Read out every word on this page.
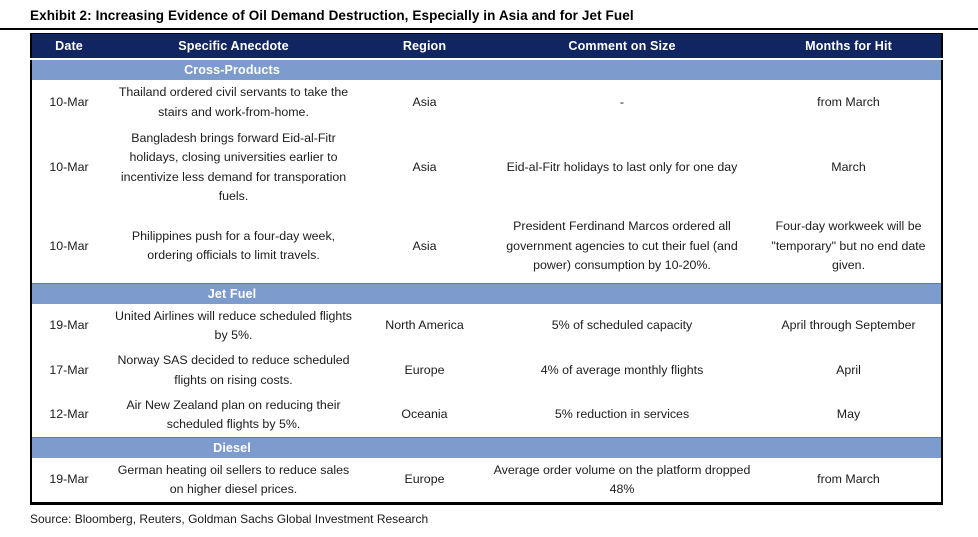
Exhibit 2: Increasing Evidence of Oil Demand Destruction, Especially in Asia and for Jet Fuel
Date	Specific Anecdote	Region	Comment on Size	Months for Hit

Cross-Products				

10-Mar	Thailand ordered civil servants to take the stairs and work-from-home.	Asia	-	from March
10-Mar	Bangladesh brings forward Eid-al-Fitr holidays, closing universities earlier to incentivize less demand for transporation fuels.	Asia	Eid-al-Fitr holidays to last only for one day	March
10-Mar	Philippines push for a four-day week, ordering officials to limit travels.	Asia	President Ferdinand Marcos ordered all government agencies to cut their fuel (and power) consumption by 10-20%.	Four-day workweek will be "temporary" but no end date given.

Jet Fuel				

19-Mar	United Airlines will reduce scheduled flights by 5%.	North America	5% of scheduled capacity	April through September
17-Mar	Norway SAS decided to reduce scheduled flights on rising costs.	Europe	4% of average monthly flights	April
12-Mar	Air New Zealand plan on reducing their scheduled flights by 5%.	Oceania	5% reduction in services	May

Diesel				

19-Mar	German heating oil sellers to reduce sales on higher diesel prices.	Europe	Average order volume on the platform dropped 48%	from March
Source: Bloomberg, Reuters, Goldman Sachs Global Investment Research
